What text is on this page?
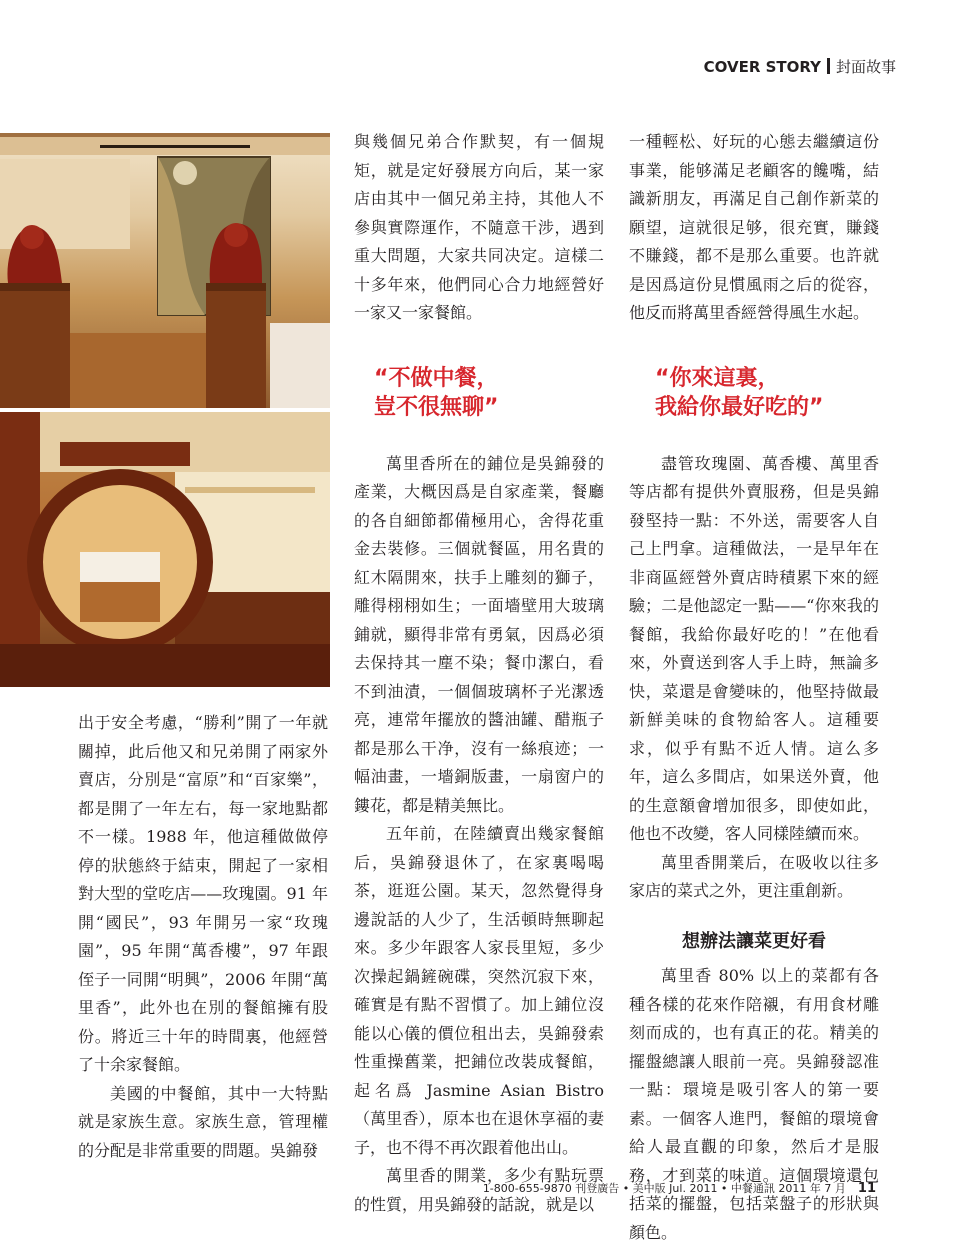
COVER STORY 封面故事

出于安全考慮，“勝利”開了一年就關掉，此后他又和兄弟開了兩家外賣店，分別是“富原”和“百家樂”，都是開了一年左右，每一家地點都不一樣。1988 年，他這種做做停停的狀態終于結束，開起了一家相對大型的堂吃店——玫瑰園。91 年開“國民”，93 年開另一家“玫瑰園”，95 年開“萬香樓”，97 年跟侄子一同開“明興”，2006 年開“萬里香”，此外也在別的餐館擁有股份。將近三十年的時間裏，他經營了十余家餐館。

美國的中餐館，其中一大特點就是家族生意。家族生意，管理權的分配是非常重要的問題。吳錦發

與幾個兄弟合作默契，有一個規矩，就是定好發展方向后，某一家店由其中一個兄弟主持，其他人不參與實際運作，不隨意干涉，遇到重大問題，大家共同决定。這樣二十多年來，他們同心合力地經營好一家又一家餐館。

“不做中餐，

豈不很無聊”

萬里香所在的鋪位是吳錦發的產業，大概因爲是自家產業，餐廳的各自細節都備極用心，舍得花重金去裝修。三個就餐區，用名貴的紅木隔開來，扶手上雕刻的獅子，雕得栩栩如生；一面墻壁用大玻璃鋪就，顯得非常有勇氣，因爲必須去保持其一塵不染；餐巾潔白，看不到油漬，一個個玻璃杯子光潔透亮，連常年擺放的醬油罐、醋瓶子都是那么干净，沒有一絲痕迹；一幅油畫，一墻銅版畫，一扇窗户的鏤花，都是精美無比。

五年前，在陸續賣出幾家餐館后，吳錦發退休了，在家裏喝喝茶，逛逛公園。某天，忽然覺得身邊說話的人少了，生活頓時無聊起來。多少年跟客人家長里短，多少次操起鍋鏟碗碟，突然沉寂下來，確實是有點不習慣了。加上鋪位沒能以心儀的價位租出去，吳錦發索性重操舊業，把鋪位改裝成餐館，起名爲 Jasmine Asian Bistro（萬里香），原本也在退休享福的妻子，也不得不再次跟着他出山。

萬里香的開業，多少有點玩票的性質，用吳錦發的話說，就是以

一種輕松、好玩的心態去繼續這份事業，能够滿足老顧客的饞嘴，結識新朋友，再滿足自己創作新菜的願望，這就很足够，很充實，賺錢不賺錢，都不是那么重要。也許就是因爲這份見慣風雨之后的從容，他反而將萬里香經營得風生水起。

“你來這裏，

我給你最好吃的”

盡管玫瑰園、萬香樓、萬里香等店都有提供外賣服務，但是吳錦發堅持一點：不外送，需要客人自己上門拿。這種做法，一是早年在非商區經營外賣店時積累下來的經驗；二是他認定一點——“你來我的餐館，我給你最好吃的！”在他看來，外賣送到客人手上時，無論多快，菜還是會變味的，他堅持做最新鮮美味的食物給客人。這種要求，似乎有點不近人情。這么多年，這么多間店，如果送外賣，他的生意額會增加很多，即使如此，他也不改變，客人同樣陸續而來。

萬里香開業后，在吸收以往多家店的菜式之外，更注重創新。

想辦法讓菜更好看

萬里香 80% 以上的菜都有各種各樣的花來作陪襯，有用食材雕刻而成的，也有真正的花。精美的擺盤總讓人眼前一亮。吳錦發認准一點：環境是吸引客人的第一要素。一個客人進門，餐館的環境會給人最直觀的印象，然后才是服務，才到菜的味道。這個環境還包括菜的擺盤，包括菜盤子的形狀與顏色。

1-800-655-9870 刊登廣告 • 美中版 Jul. 2011 • 中餐通訊 2011 年 7 月 11
